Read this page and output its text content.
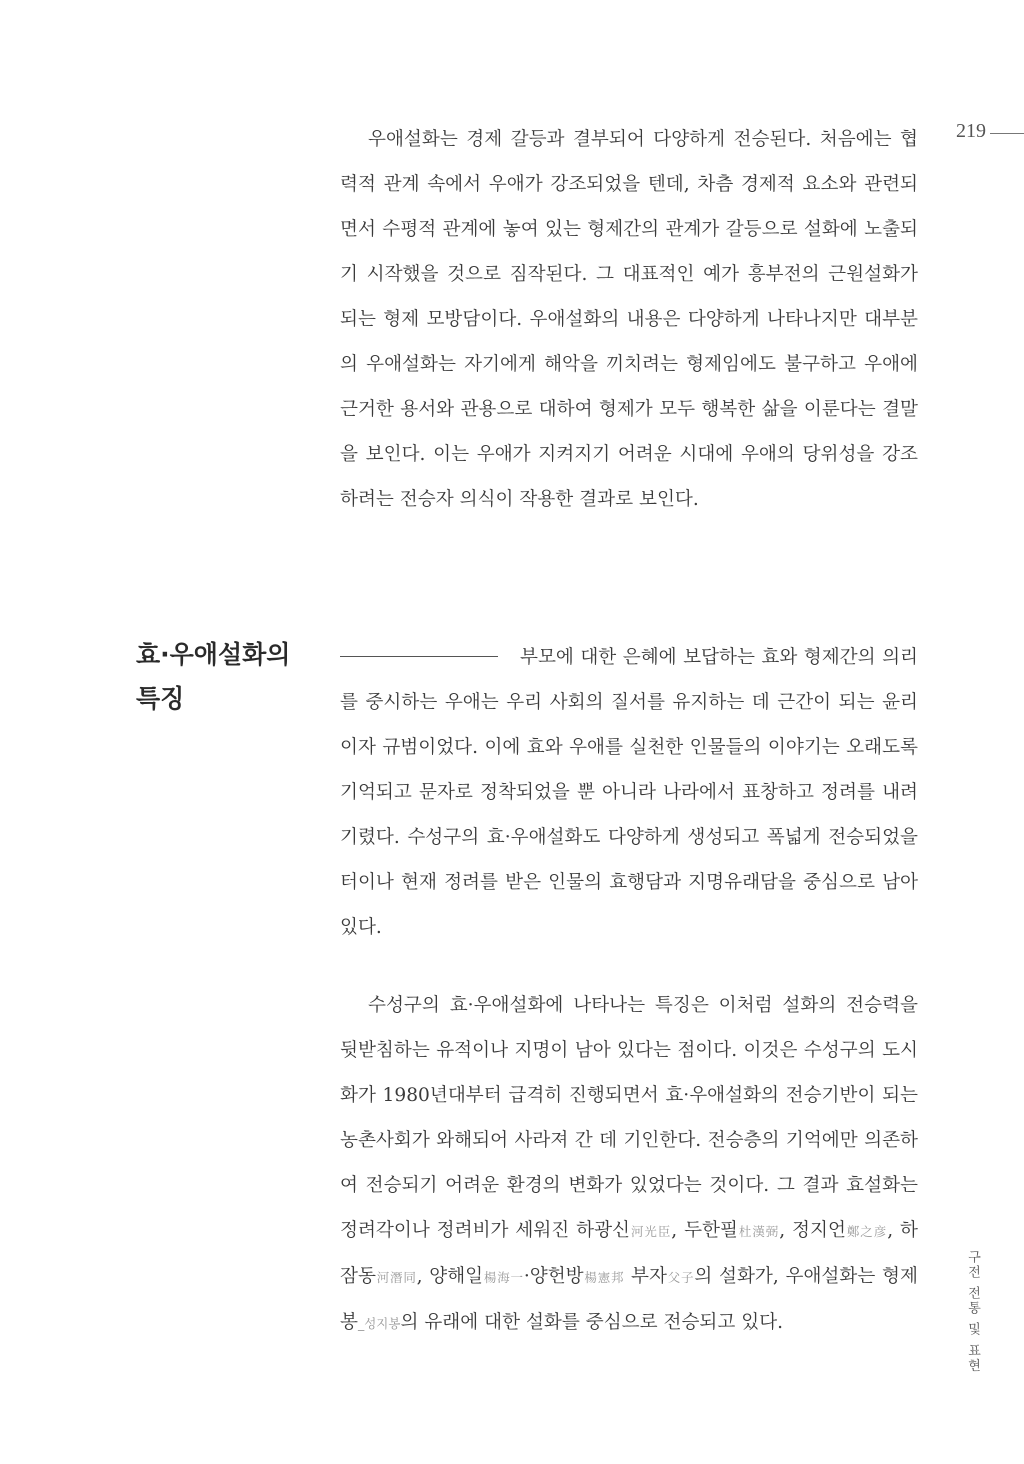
219
구전 전통 및 표현

우애설화는 경제 갈등과 결부되어 다양하게 전승된다. 처음에는 협력적 관계 속에서 우애가 강조되었을 텐데, 차츰 경제적 요소와 관련되면서 수평적 관계에 놓여 있는 형제간의 관계가 갈등으로 설화에 노출되기 시작했을 것으로 짐작된다. 그 대표적인 예가 흥부전의 근원설화가 되는 형제 모방담이다. 우애설화의 내용은 다양하게 나타나지만 대부분의 우애설화는 자기에게 해악을 끼치려는 형제임에도 불구하고 우애에 근거한 용서와 관용으로 대하여 형제가 모두 행복한 삶을 이룬다는 결말을 보인다. 이는 우애가 지켜지기 어려운 시대에 우애의 당위성을 강조하려는 전승자 의식이 작용한 결과로 보인다.

효·우애설화의
특징

부모에 대한 은혜에 보답하는 효와 형제간의 의리를 중시하는 우애는 우리 사회의 질서를 유지하는 데 근간이 되는 윤리이자 규범이었다. 이에 효와 우애를 실천한 인물들의 이야기는 오래도록 기억되고 문자로 정착되었을 뿐 아니라 나라에서 표창하고 정려를 내려 기렸다. 수성구의 효·우애설화도 다양하게 생성되고 폭넓게 전승되었을 터이나 현재 정려를 받은 인물의 효행담과 지명유래담을 중심으로 남아 있다.

수성구의 효·우애설화에 나타나는 특징은 이처럼 설화의 전승력을 뒷받침하는 유적이나 지명이 남아 있다는 점이다. 이것은 수성구의 도시화가 1980년대부터 급격히 진행되면서 효·우애설화의 전승기반이 되는 농촌사회가 와해되어 사라져 간 데 기인한다. 전승층의 기억에만 의존하여 전승되기 어려운 환경의 변화가 있었다는 것이다. 그 결과 효설화는 정려각이나 정려비가 세워진 하광신河光臣, 두한필杜漢弼, 정지언鄭之彦, 하잠동河潛同, 양해일楊海一·양헌방楊憲邦 부자父子의 설화가, 우애설화는 형제봉_성지봉의 유래에 대한 설화를 중심으로 전승되고 있다.
